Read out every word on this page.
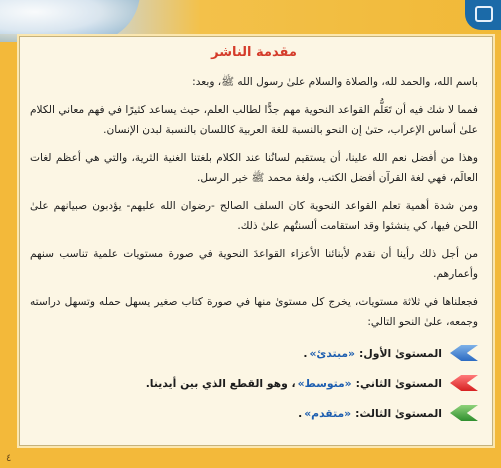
مقدمة الناشر

باسم الله، والحمد لله، والصلاة والسلام علىٰ رسول الله ﷺ، وبعد:

فمما لا شك فيه أن تَعَلُّم القواعد النحوية مهم جدًّا لطالب العلم، حيث يساعد كثيرًا في فهم معاني الكلام علىٰ أساس الإعراب، حتىٰ إن النحو بالنسبة للغة العربية كاللسان بالنسبة لبدن الإنسان.

وهذا من أفضل نعم الله علينا، أن يستقيم لسانُنا عند الكلام بلغتنا الغنية الثرية، والتي هي أعظم لغات العالَم، فهي لغة القرآن أفضل الكتب، ولغة محمد ﷺ خير الرسل.

ومن شدة أهمية تعلم القواعد النحوية كان السلف الصالح -رضوان الله عليهم- يؤدبون صبيانهم علىٰ اللحن فيها، كي ينشئوا وقد استقامت ألسنتُهم علىٰ ذلك.

من أجل ذلك رأينا أن نقدم لأبنائنا الأعزاء القواعدَ النحوية في صورة مستويات علمية تناسب سنهم وأعمارهم.

فجعلناها في ثلاثة مستويات، يخرج كل مستوىٰ منها في صورة كتاب صغير يسهل حمله وتسهل دراسته وجمعه، علىٰ النحو التالي:

المستوىٰ الأول:
«مبتدئ»
.
المستوىٰ الثاني:
«متوسط»
، وهو القطع الذي بين أيدينا.
المستوىٰ الثالث:
«متقدم»
.
٤
